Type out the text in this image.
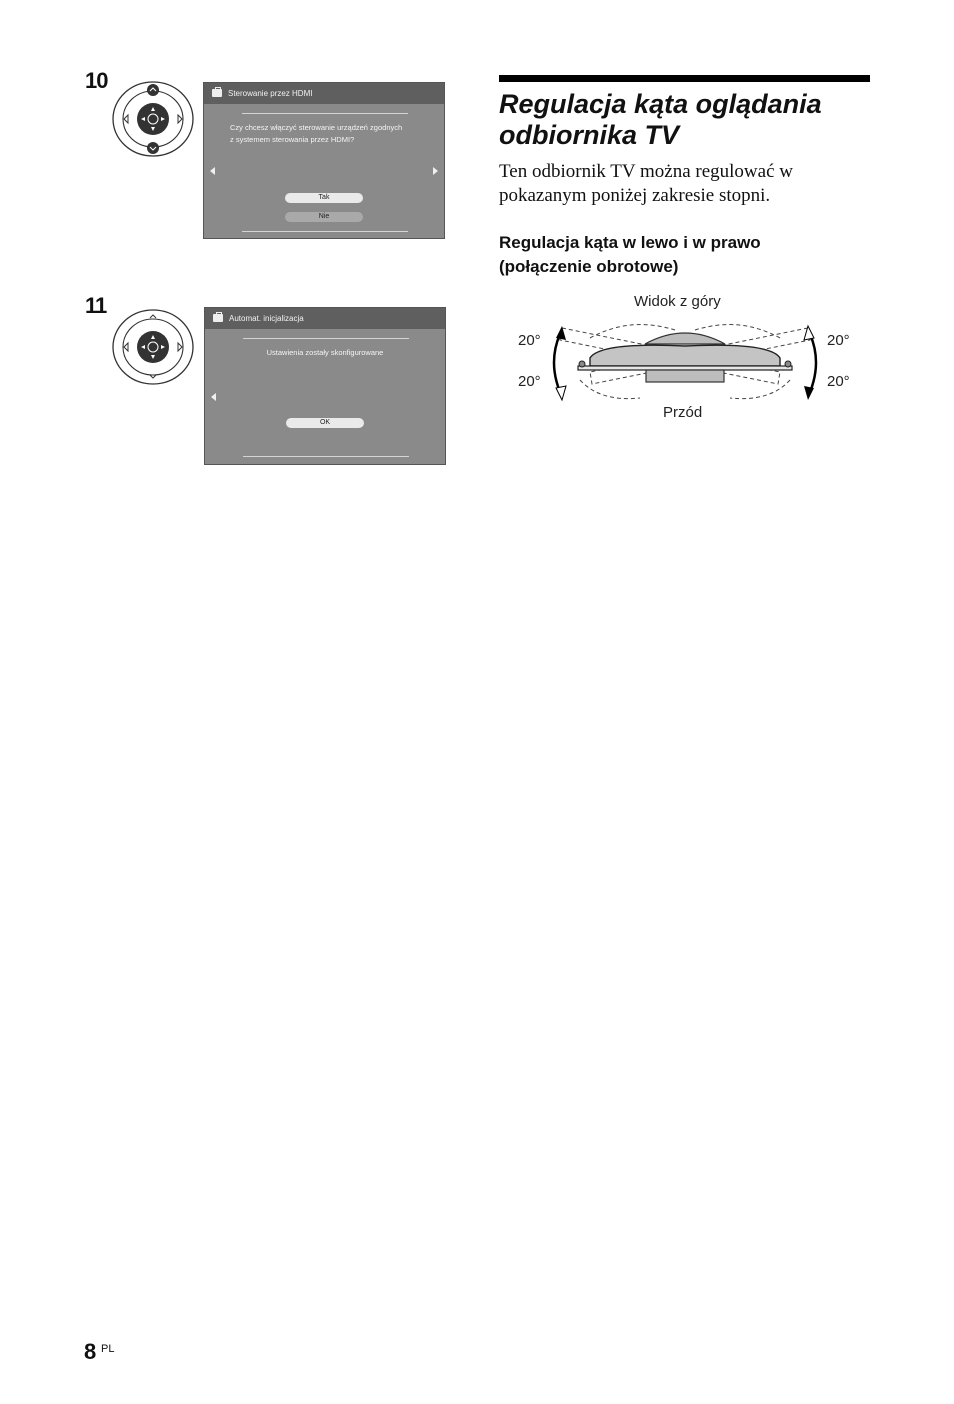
10
Sterowanie przez HDMI
Czy chcesz włączyć sterowanie urządzeń zgodnych
z systemem sterowania przez HDMI?
Tak
Nie
11
Automat. inicjalizacja
Ustawienia zostały skonfigurowane
OK
Regulacja kąta oglądania
odbiornika TV
Ten odbiornik TV można regulować w
pokazanym poniżej zakresie stopni.
Regulacja kąta w lewo i w prawo
(połączenie obrotowe)
Widok z góry
20°
20°
20°
20°
Przód
8 PL
